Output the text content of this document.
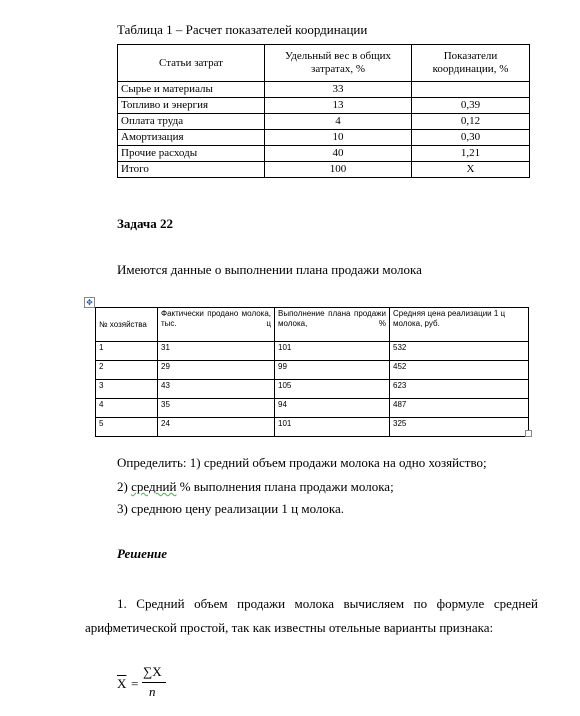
Таблица 1 – Расчет показателей координации
Статьи затрат	Удельный вес в общих затратах, %	Показатели координации, %
Сырье и материалы	33	
Топливо и энергия	13	0,39
Оплата труда	4	0,12
Амортизация	10	0,30
Прочие расходы	40	1,21
Итого	100	Х
Задача 22
Имеются данные о выполнении плана продажи молока
✥
№ хозяйства	Фактически продано молока, тыс. ц	Выполнение плана продажи молока, %	Средняя цена реализации 1 ц молока, руб.
1	31	101	532
2	29	99	452
3	43	105	623
4	35	94	487
5	24	101	325
Определить: 1) средний объем продажи молока на одно хозяйство;
2) средний % выполнения плана продажи молока;
3) среднюю цену реализации 1 ц молока.
Решение
1. Средний объем продажи молока вычисляем по формуле средней
арифметической простой, так как известны отельные варианты признака:
$\overline{X}$ =
∑X
n
